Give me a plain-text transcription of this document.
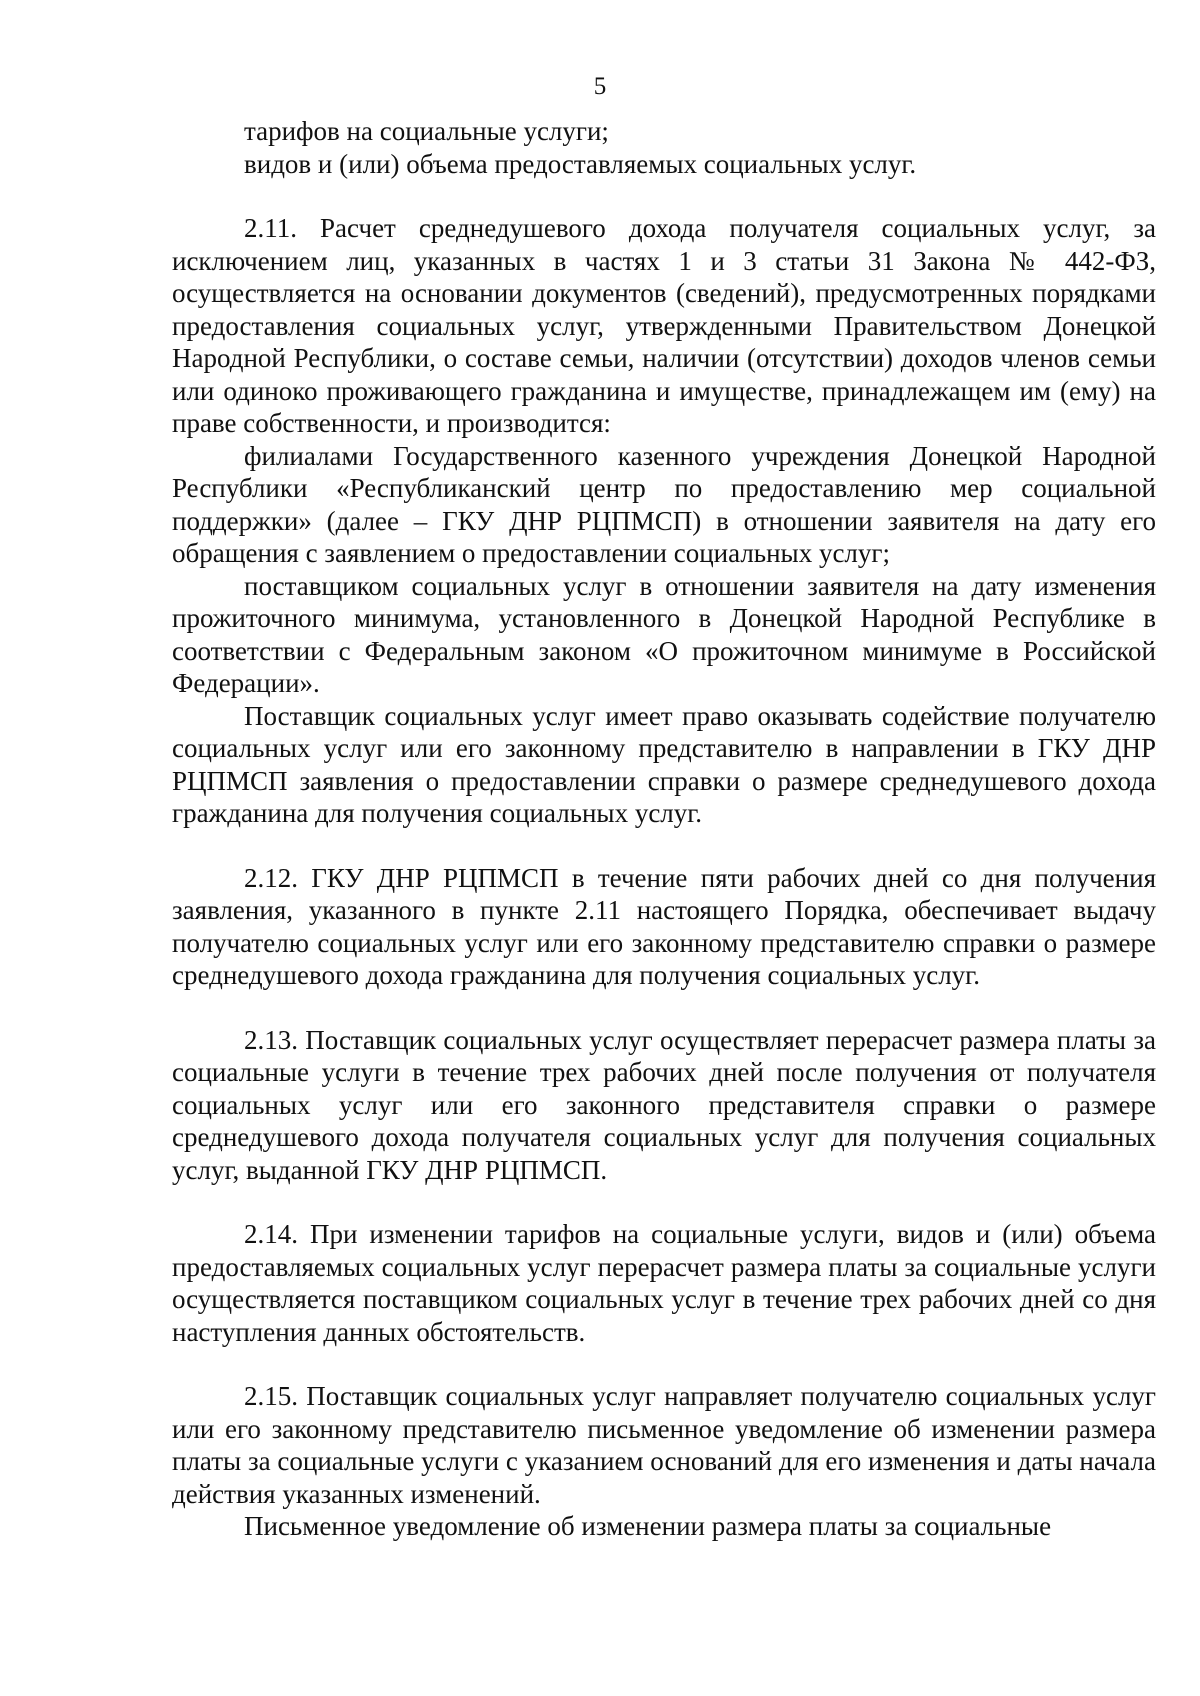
5

тарифов на социальные услуги;

видов и (или) объема предоставляемых социальных услуг.

2.11. Расчет среднедушевого дохода получателя социальных услуг, за исключением лиц, указанных в частях 1 и 3 статьи 31 Закона № 442-ФЗ, осуществляется на основании документов (сведений), предусмотренных порядками предоставления социальных услуг, утвержденными Правительством Донецкой Народной Республики, о составе семьи, наличии (отсутствии) доходов членов семьи или одиноко проживающего гражданина и имуществе, принадлежащем им (ему) на праве собственности, и производится:

филиалами Государственного казенного учреждения Донецкой Народной Республики «Республиканский центр по предоставлению мер социальной поддержки» (далее – ГКУ ДНР РЦПМСП) в отношении заявителя на дату его обращения с заявлением о предоставлении социальных услуг;

поставщиком социальных услуг в отношении заявителя на дату изменения прожиточного минимума, установленного в Донецкой Народной Республике в соответствии с Федеральным законом «О прожиточном минимуме в Российской Федерации».

Поставщик социальных услуг имеет право оказывать содействие получателю социальных услуг или его законному представителю в направлении в ГКУ ДНР РЦПМСП заявления о предоставлении справки о размере среднедушевого дохода гражданина для получения социальных услуг.

2.12. ГКУ ДНР РЦПМСП в течение пяти рабочих дней со дня получения заявления, указанного в пункте 2.11 настоящего Порядка, обеспечивает выдачу получателю социальных услуг или его законному представителю справки о размере среднедушевого дохода гражданина для получения социальных услуг.

2.13. Поставщик социальных услуг осуществляет перерасчет размера платы за социальные услуги в течение трех рабочих дней после получения от получателя социальных услуг или его законного представителя справки о размере среднедушевого дохода получателя социальных услуг для получения социальных услуг, выданной ГКУ ДНР РЦПМСП.

2.14. При изменении тарифов на социальные услуги, видов и (или) объема предоставляемых социальных услуг перерасчет размера платы за социальные услуги осуществляется поставщиком социальных услуг в течение трех рабочих дней со дня наступления данных обстоятельств.

2.15. Поставщик социальных услуг направляет получателю социальных услуг или его законному представителю письменное уведомление об изменении размера платы за социальные услуги с указанием оснований для его изменения и даты начала действия указанных изменений.

Письменное уведомление об изменении размера платы за социальные
